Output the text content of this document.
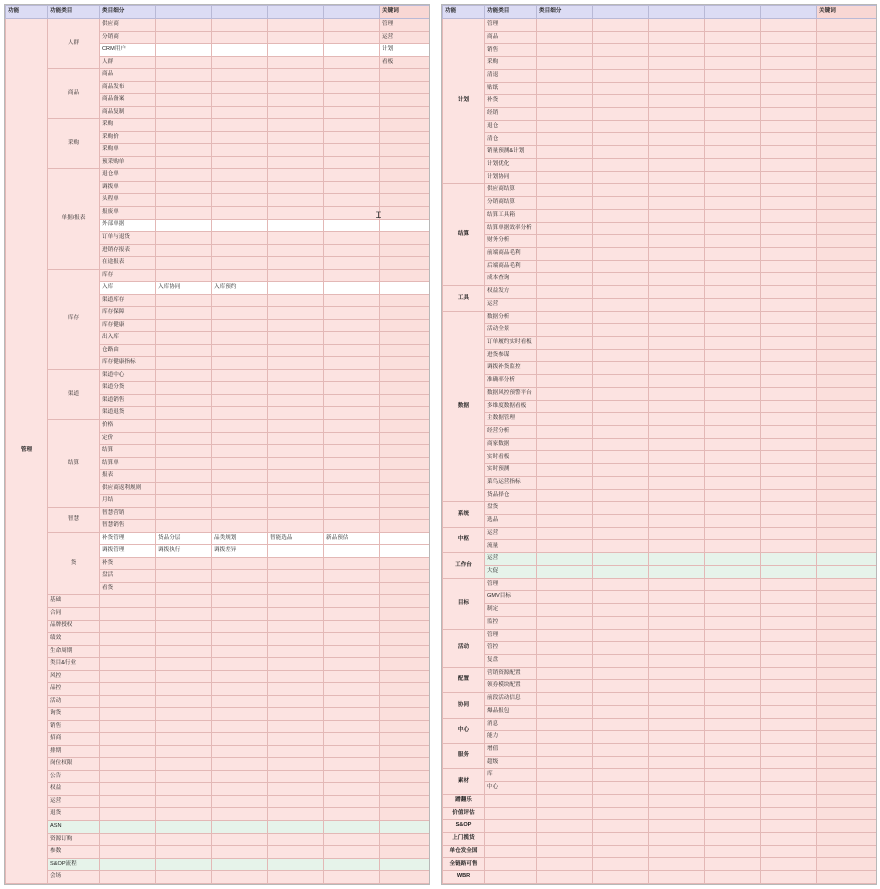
功能	功能类目	类目细分					关键词
管理	人群	供应商					管理
		分销商					运营
		CRM用户					计划
		人群					看板
	商品	商品					
		商品发布					
		商品备案					
		商品复制					
	采购	采购					
		采购价					
		采购单					
		预采购单					
	单据/报表	退仓单					
		调拨单					
		头程单					
		报废单					
		外部单据					
		订单与退货					
		进销存报表					
		在途报表					
	库存	库存					
		入库	入库协同	入库预约			
		渠道库存					
		库存保障					
		库存健康					
		出入库					
		仓路由					
		库存健康指标					
	渠道	渠道中心					
		渠道分货					
		渠道销售					
		渠道退货					
	结算	价格					
		定价					
		结算					
		结算单					
		报表					
		供应商返利规则					
		月结					
	智慧	智慧营销					
		智慧销售					
	货	补货管理	货品分层	品类规划	智能选品	新品预估	
		调拨管理	调拨执行	调拨差异			
		补货					
		盘活					
		看货					
	基础						
	合同						
	品牌授权						
	绩效						
	生命周期						
	类目&行业						
	风控						
	品控						
	活动						
	询货						
	销售						
	招商						
	排期						
	岗位权限						
	公告						
	权益						
	运营						
	退货						
	ASN						
	资源订购						
	参数						
	S&OP流程						
	会场						
功能	功能类目	类目细分					关键词
计划	管理						
	商品						
	销售						
	采购						
	清退						
	贴纸						
	补货						
	经销						
	退仓						
	清仓						
	销量预测&计划						
	计划优化						
	计划协同						
结算	供应商结算						
	分销商结算						
	结算工具箱						
	结算单据效率分析						
	财务分析						
	前端商品毛利						
	后端商品毛利						
	成本查询						
工具	权益发方						
	运营						
数据	数据分析						
	活动全景						
	订单履约实时看板						
	进货参谋						
	调拨补货监控						
	准确率分析						
	数据风控预警平台						
	多维度数据看板						
	主数据管理						
	经营分析						
	商家数据						
	实时看板						
	实时预测						
	菜鸟运营指标						
	货品择仓						
系统	盘货						
	选品						
中枢	运营						
	流量						
工作台	运营						
	大促						
目标	管理						
	GMV目标						
	制定						
	监控						
活动	管理						
	管控						
	复盘						
配置	营销资源配置						
	领券模块配置						
协同	前段活动信息						
	爆品报包						
中心	消息						
	能力						
服务	增值						
	超级						
素材	库						
	中心						
蹭翻乐							
价值评估							
S&OP							
上门揽货							
单仓发全国							
全链路可售							
WBR							
Ɪ
